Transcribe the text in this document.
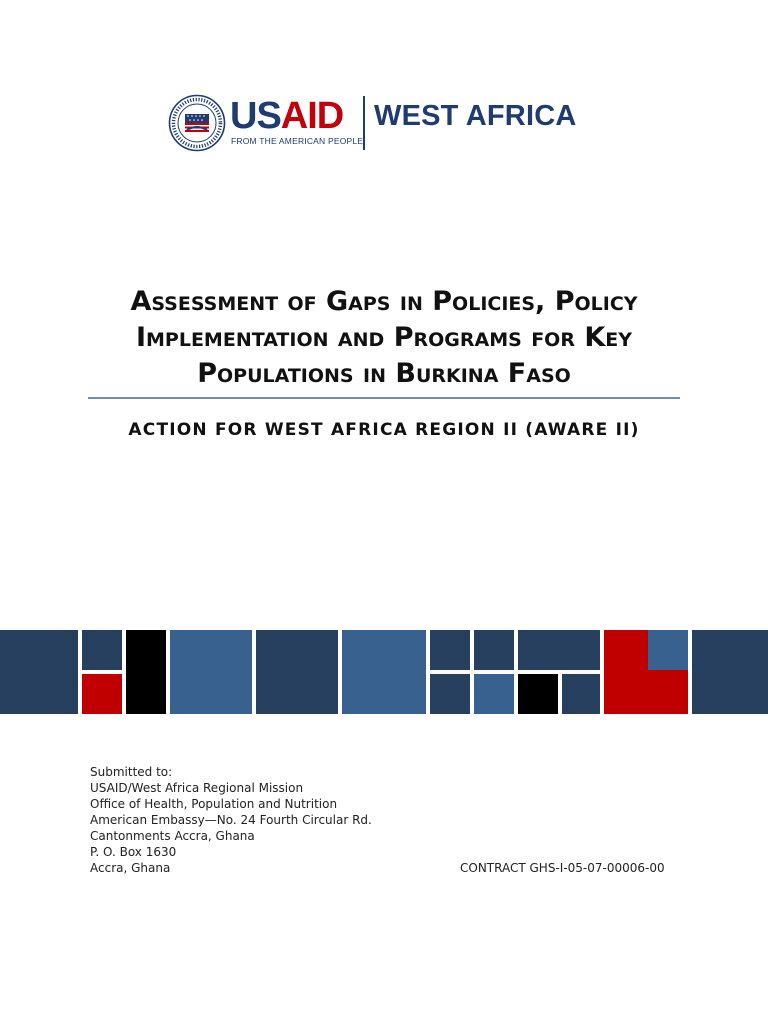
USAID
FROM THE AMERICAN PEOPLE
WEST AFRICA
Assessment of Gaps in Policies, Policy
Implementation and Programs for Key
Populations in Burkina Faso
ACTION FOR WEST AFRICA REGION II (AWARE II)
Submitted to:
USAID/West Africa Regional Mission
Office of Health, Population and Nutrition
American Embassy—No. 24 Fourth Circular Rd.
Cantonments Accra, Ghana
P. O. Box 1630
Accra, Ghana	CONTRACT GHS-I-05-07-00006-00
